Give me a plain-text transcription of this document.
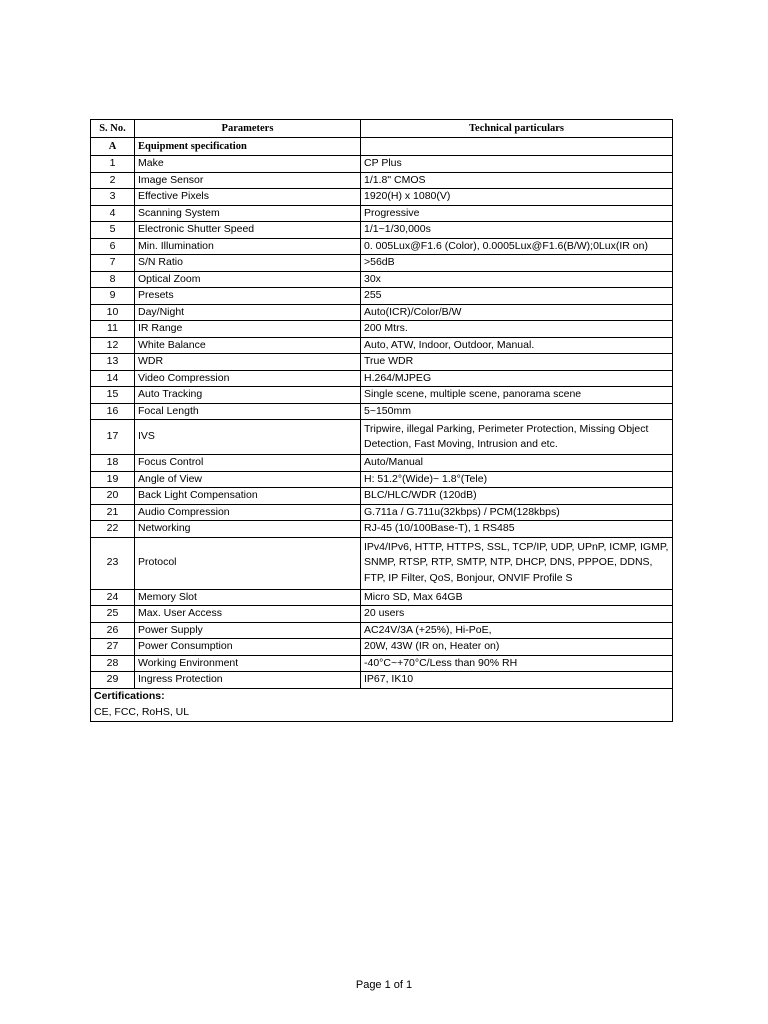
S. No.	Parameters	Technical particulars
A	Equipment specification	
1	Make	CP Plus
2	Image Sensor	1/1.8" CMOS
3	Effective Pixels	1920(H) x 1080(V)
4	Scanning System	Progressive
5	Electronic Shutter Speed	1/1~1/30,000s
6	Min. Illumination	0. 005Lux@F1.6 (Color), 0.0005Lux@F1.6(B/W);0Lux(IR on)
7	S/N Ratio	>56dB
8	Optical Zoom	30x
9	Presets	255
10	Day/Night	Auto(ICR)/Color/B/W
11	IR Range	200 Mtrs.
12	White Balance	Auto, ATW, Indoor, Outdoor, Manual.
13	WDR	True WDR
14	Video Compression	H.264/MJPEG
15	Auto Tracking	Single scene, multiple scene, panorama scene
16	Focal Length	5~150mm
17	IVS	Tripwire, illegal Parking, Perimeter Protection, Missing Object Detection, Fast Moving, Intrusion and etc.
18	Focus Control	Auto/Manual
19	Angle of View	H: 51.2°(Wide)~ 1.8°(Tele)
20	Back Light Compensation	BLC/HLC/WDR (120dB)
21	Audio Compression	G.711a / G.711u(32kbps) / PCM(128kbps)
22	Networking	RJ-45 (10/100Base-T), 1 RS485
23	Protocol	IPv4/IPv6, HTTP, HTTPS, SSL, TCP/IP, UDP, UPnP, ICMP, IGMP, SNMP, RTSP, RTP, SMTP, NTP, DHCP, DNS, PPPOE, DDNS, FTP, IP Filter, QoS, Bonjour, ONVIF Profile S
24	Memory Slot	Micro SD, Max 64GB
25	Max. User Access	20 users
26	Power Supply	AC24V/3A (+25%), Hi-PoE,
27	Power Consumption	20W, 43W (IR on, Heater on)
28	Working Environment	-40°C~+70°C/Less than 90% RH
29	Ingress Protection	IP67, IK10

Certifications:
CE, FCC, RoHS, UL		
Page 1 of 1
